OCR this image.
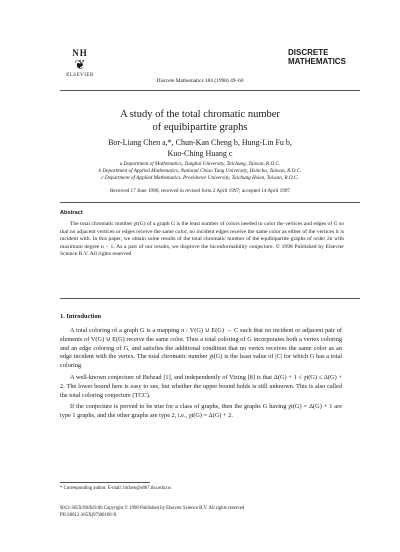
NH
❦
ELSEVIER
DISCRETE
MATHEMATICS
Discrete Mathematics 184 (1998) 49–60
A study of the total chromatic number
of equibipartite graphs
Bor-Liang Chen a,*, Chun-Kan Cheng b, Hung-Lin Fu b,
Kuo-Ching Huang c
a Department of Mathematics, Tunghai University, Taichung, Taiwan, R.O.C.
b Department of Applied Mathematics, National Chiao Tung University, Hsinchu, Taiwan, R.O.C.
c Department of Applied Mathematics, Providence University, Taichung Hsien, Taiwan, R.O.C.
Received 17 June 1996; received in revised form 2 April 1997; accepted 14 April 1997
Abstract
The total chromatic number χt(G) of a graph G is the least number of colors needed to color the vertices and edges of G so that no adjacent vertices or edges receive the same color, no incident edges receive the same color as either of the vertices it is incident with. In this paper, we obtain some results of the total chromatic number of the equibipartite graphs of order 2n with maximum degree n − 1. As a part of our results, we disprove the biconformability conjecture. © 1998 Published by Elsevier Science B.V. All rights reserved
1. Introduction

A total coloring of a graph G is a mapping π : V(G) ∪ E(G) → C such that no incident or adjacent pair of elements of V(G) ∪ E(G) receive the same color. Thus a total coloring of G incorporates both a vertex coloring and an edge coloring of G, and satisfies the additional condition that no vertex receives the same color as an edge incident with the vertex. The total chromatic number χt(G) is the least value of |C| for which G has a total coloring.

A well-known conjecture of Behzad [1], and independently of Vizing [8] is that Δ(G) + 1 ≤ χt(G) ≤ Δ(G) + 2. The lower bound here is easy to see, but whether the upper bound holds is still unknown. This is also called the total coloring conjecture (TCC).

If the conjecture is proved to be true for a class of graphs, then the graphs G having χt(G) = Δ(G) + 1 are type 1 graphs, and the other graphs are type 2, i.e., χt(G) = Δ(G) + 2.

* Corresponding author. E-mail: blchen@s867.thu.edu.tw.
0012-365X/98/$19.00 Copyright © 1998 Published by Elsevier Science B.V. All rights reserved
PII S0012-365X(97)00160-X
